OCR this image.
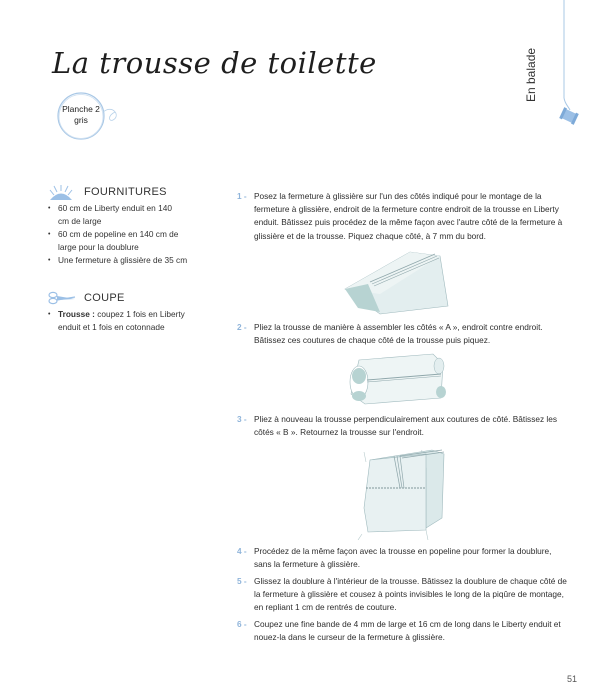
La trousse de toilette
Planche 2
gris
En balade
FOURNITURES
• 60 cm de Liberty enduit en 140 cm de large
• 60 cm de popeline en 140 cm de large pour la doublure
• Une fermeture à glissière de 35 cm
COUPE
• Trousse : coupez 1 fois en Liberty enduit et 1 fois en cotonnade
1 - Posez la fermeture à glissière sur l'un des côtés indiqué pour le montage de la fermeture à glissière, endroit de la fermeture contre endroit de la trousse en Liberty enduit. Bâtissez puis procédez de la même façon avec l'autre côté de la fermeture à glissière et de la trousse. Piquez chaque côté, à 7 mm du bord.
2 - Pliez la trousse de manière à assembler les côtés « A », endroit contre endroit. Bâtissez ces coutures de chaque côté de la trousse puis piquez.
3 - Pliez à nouveau la trousse perpendiculairement aux coutures de côté. Bâtissez les côtés « B ». Retournez la trousse sur l'endroit.
4 - Procédez de la même façon avec la trousse en popeline pour former la doublure, sans la fermeture à glissière.
5 - Glissez la doublure à l'intérieur de la trousse. Bâtissez la doublure de chaque côté de la fermeture à glissière et cousez à points invisibles le long de la piqûre de montage, en repliant 1 cm de rentrés de couture.
6 - Coupez une fine bande de 4 mm de large et 16 cm de long dans le Liberty enduit et nouez-la dans le curseur de la fermeture à glissière.
51
